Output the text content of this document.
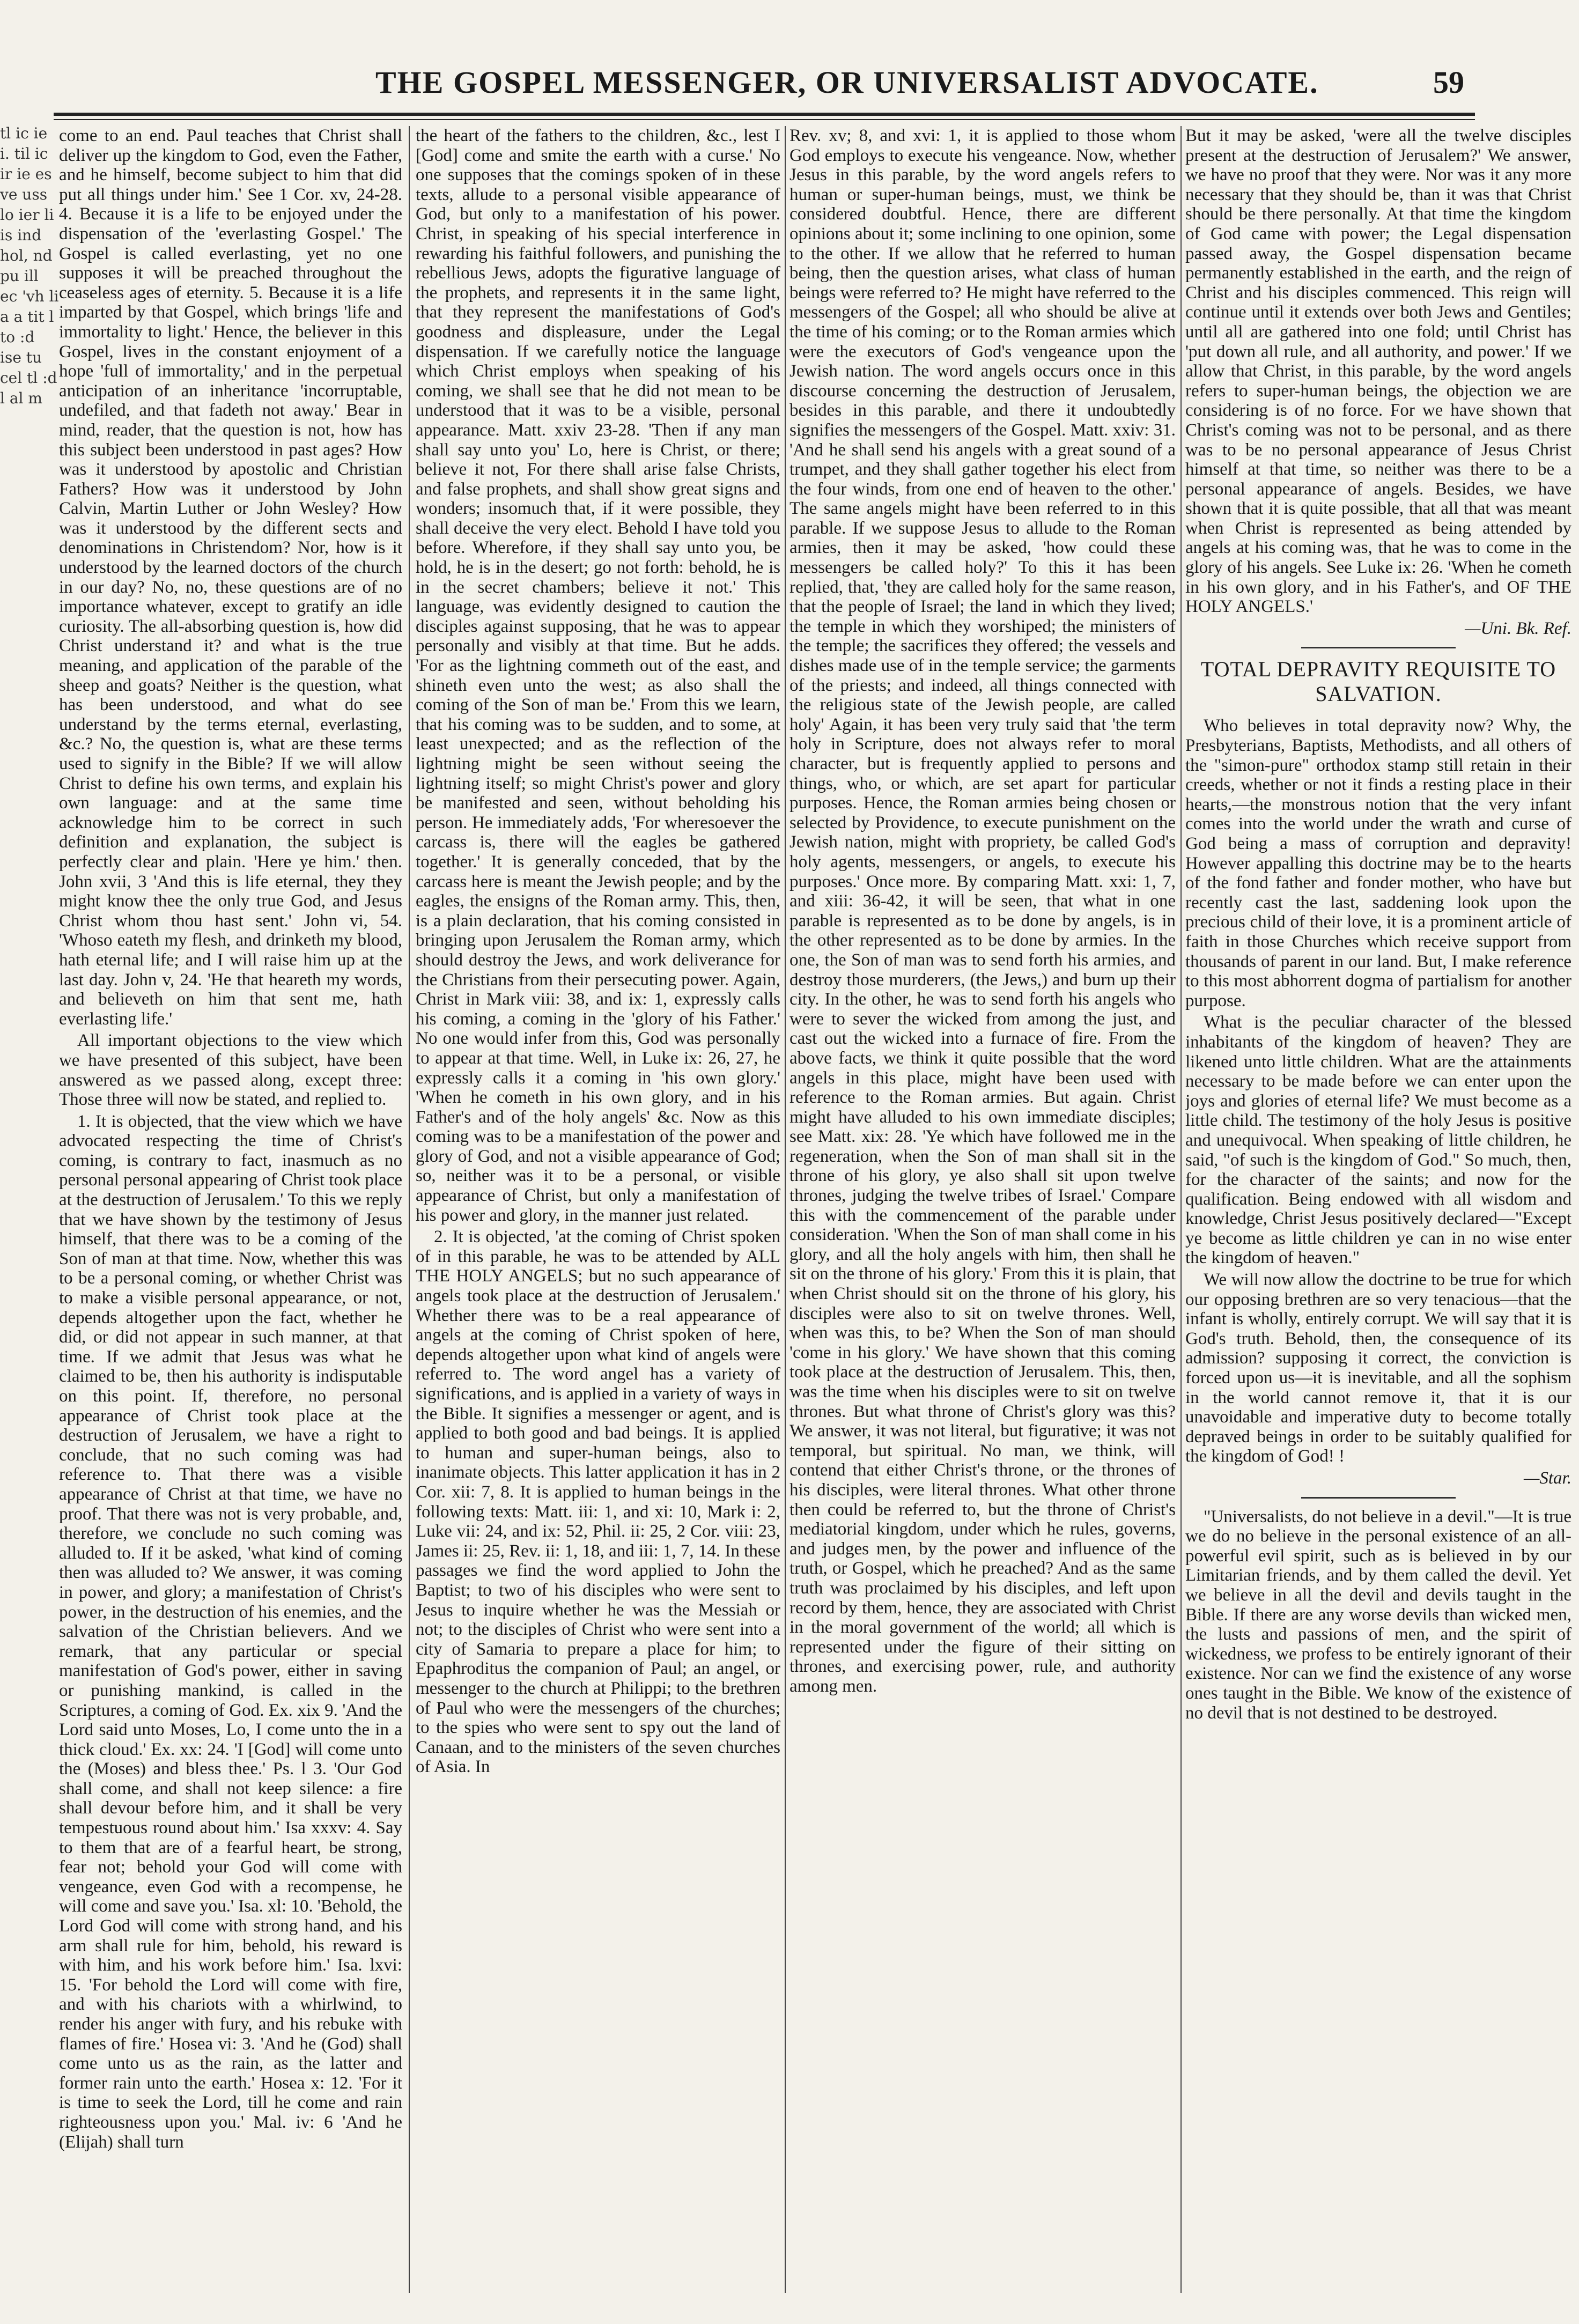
THE GOSPEL MESSENGER, OR UNIVERSALIST ADVOCATE.	59
tl ic ie i. til ic ir ie es ve uss lo ier li is ind hol, nd pu ill ec 'vh li a a tit l to :d ise tu cel tl :d l al m

come to an end. Paul teaches that Christ shall deliver up the kingdom to God, even the Father, and he himself, become subject to him that did put all things under him.' See 1 Cor. xv, 24-28. 4. Because it is a life to be enjoyed under the dispensation of the 'everlasting Gospel.' The Gospel is called everlasting, yet no one supposes it will be preached throughout the ceaseless ages of eternity. 5. Because it is a life imparted by that Gospel, which brings 'life and immortality to light.' Hence, the believer in this Gospel, lives in the constant enjoyment of a hope 'full of immortality,' and in the perpetual anticipation of an inheritance 'incorruptable, undefiled, and that fadeth not away.' Bear in mind, reader, that the question is not, how has this subject been understood in past ages? How was it understood by apostolic and Christian Fathers? How was it understood by John Calvin, Martin Luther or John Wesley? How was it understood by the different sects and denominations in Christendom? Nor, how is it understood by the learned doctors of the church in our day? No, no, these questions are of no importance whatever, except to gratify an idle curiosity. The all-absorbing question is, how did Christ understand it? and what is the true meaning, and application of the parable of the sheep and goats? Neither is the question, what has been understood, and what do see understand by the terms eternal, everlasting, &c.? No, the question is, what are these terms used to signify in the Bible? If we will allow Christ to define his own terms, and explain his own language: and at the same time acknowledge him to be correct in such definition and explanation, the subject is perfectly clear and plain. 'Here ye him.' then. John xvii, 3 'And this is life eternal, they they might know thee the only true God, and Jesus Christ whom thou hast sent.' John vi, 54. 'Whoso eateth my flesh, and drinketh my blood, hath eternal life; and I will raise him up at the last day. John v, 24. 'He that heareth my words, and believeth on him that sent me, hath everlasting life.'

All important objections to the view which we have presented of this subject, have been answered as we passed along, except three: Those three will now be stated, and replied to.

1. It is objected, that the view which we have advocated respecting the time of Christ's coming, is contrary to fact, inasmuch as no personal personal appearing of Christ took place at the destruction of Jerusalem.' To this we reply that we have shown by the testimony of Jesus himself, that there was to be a coming of the Son of man at that time. Now, whether this was to be a personal coming, or whether Christ was to make a visible personal appearance, or not, depends altogether upon the fact, whether he did, or did not appear in such manner, at that time. If we admit that Jesus was what he claimed to be, then his authority is indisputable on this point. If, therefore, no personal appearance of Christ took place at the destruction of Jerusalem, we have a right to conclude, that no such coming was had reference to. That there was a visible appearance of Christ at that time, we have no proof. That there was not is very probable, and, therefore, we conclude no such coming was alluded to. If it be asked, 'what kind of coming then was alluded to? We answer, it was coming in power, and glory; a manifestation of Christ's power, in the destruction of his enemies, and the salvation of the Christian believers. And we remark, that any particular or special manifestation of God's power, either in saving or punishing mankind, is called in the Scriptures, a coming of God. Ex. xix 9. 'And the Lord said unto Moses, Lo, I come unto the in a thick cloud.' Ex. xx: 24. 'I [God] will come unto the (Moses) and bless thee.' Ps. l 3. 'Our God shall come, and shall not keep silence: a fire shall devour before him, and it shall be very tempestuous round about him.' Isa xxxv: 4. Say to them that are of a fearful heart, be strong, fear not; behold your God will come with vengeance, even God with a recompense, he will come and save you.' Isa. xl: 10. 'Behold, the Lord God will come with strong hand, and his arm shall rule for him, behold, his reward is with him, and his work before him.' Isa. lxvi: 15. 'For behold the Lord will come with fire, and with his chariots with a whirlwind, to render his anger with fury, and his rebuke with flames of fire.' Hosea vi: 3. 'And he (God) shall come unto us as the rain, as the latter and former rain unto the earth.' Hosea x: 12. 'For it is time to seek the Lord, till he come and rain righteousness upon you.' Mal. iv: 6 'And he (Elijah) shall turn

the heart of the fathers to the children, &c., lest I [God] come and smite the earth with a curse.' No one supposes that the comings spoken of in these texts, allude to a personal visible appearance of God, but only to a manifestation of his power. Christ, in speaking of his special interference in rewarding his faithful followers, and punishing the rebellious Jews, adopts the figurative language of the prophets, and represents it in the same light, that they represent the manifestations of God's goodness and displeasure, under the Legal dispensation. If we carefully notice the language which Christ employs when speaking of his coming, we shall see that he did not mean to be understood that it was to be a visible, personal appearance. Matt. xxiv 23-28. 'Then if any man shall say unto you' Lo, here is Christ, or there; believe it not, For there shall arise false Christs, and false prophets, and shall show great signs and wonders; insomuch that, if it were possible, they shall deceive the very elect. Behold I have told you before. Wherefore, if they shall say unto you, be hold, he is in the desert; go not forth: behold, he is in the secret chambers; believe it not.' This language, was evidently designed to caution the disciples against supposing, that he was to appear personally and visibly at that time. But he adds. 'For as the lightning commeth out of the east, and shineth even unto the west; as also shall the coming of the Son of man be.' From this we learn, that his coming was to be sudden, and to some, at least unexpected; and as the reflection of the lightning might be seen without seeing the lightning itself; so might Christ's power and glory be manifested and seen, without beholding his person. He immediately adds, 'For wheresoever the carcass is, there will the eagles be gathered together.' It is generally conceded, that by the carcass here is meant the Jewish people; and by the eagles, the ensigns of the Roman army. This, then, is a plain declaration, that his coming consisted in bringing upon Jerusalem the Roman army, which should destroy the Jews, and work deliverance for the Christians from their persecuting power. Again, Christ in Mark viii: 38, and ix: 1, expressly calls his coming, a coming in the 'glory of his Father.' No one would infer from this, God was personally to appear at that time. Well, in Luke ix: 26, 27, he expressly calls it a coming in 'his own glory.' 'When he cometh in his own glory, and in his Father's and of the holy angels' &c. Now as this coming was to be a manifestation of the power and glory of God, and not a visible appearance of God; so, neither was it to be a personal, or visible appearance of Christ, but only a manifestation of his power and glory, in the manner just related.

2. It is objected, 'at the coming of Christ spoken of in this parable, he was to be attended by ALL THE HOLY ANGELS; but no such appearance of angels took place at the destruction of Jerusalem.' Whether there was to be a real appearance of angels at the coming of Christ spoken of here, depends altogether upon what kind of angels were referred to. The word angel has a variety of significations, and is applied in a variety of ways in the Bible. It signifies a messenger or agent, and is applied to both good and bad beings. It is applied to human and super-human beings, also to inanimate objects. This latter application it has in 2 Cor. xii: 7, 8. It is applied to human beings in the following texts: Matt. iii: 1, and xi: 10, Mark i: 2, Luke vii: 24, and ix: 52, Phil. ii: 25, 2 Cor. viii: 23, James ii: 25, Rev. ii: 1, 18, and iii: 1, 7, 14. In these passages we find the word applied to John the Baptist; to two of his disciples who were sent to Jesus to inquire whether he was the Messiah or not; to the disciples of Christ who were sent into a city of Samaria to prepare a place for him; to Epaphroditus the companion of Paul; an angel, or messenger to the church at Philippi; to the brethren of Paul who were the messengers of the churches; to the spies who were sent to spy out the land of Canaan, and to the ministers of the seven churches of Asia. In

Rev. xv; 8, and xvi: 1, it is applied to those whom God employs to execute his vengeance. Now, whether Jesus in this parable, by the word angels refers to human or super-human beings, must, we think be considered doubtful. Hence, there are different opinions about it; some inclining to one opinion, some to the other. If we allow that he referred to human being, then the question arises, what class of human beings were referred to? He might have referred to the messengers of the Gospel; all who should be alive at the time of his coming; or to the Roman armies which were the executors of God's vengeance upon the Jewish nation. The word angels occurs once in this discourse concerning the destruction of Jerusalem, besides in this parable, and there it undoubtedly signifies the messengers of the Gospel. Matt. xxiv: 31. 'And he shall send his angels with a great sound of a trumpet, and they shall gather together his elect from the four winds, from one end of heaven to the other.' The same angels might have been referred to in this parable. If we suppose Jesus to allude to the Roman armies, then it may be asked, 'how could these messengers be called holy?' To this it has been replied, that, 'they are called holy for the same reason, that the people of Israel; the land in which they lived; the temple in which they worshiped; the ministers of the temple; the sacrifices they offered; the vessels and dishes made use of in the temple service; the garments of the priests; and indeed, all things connected with the religious state of the Jewish people, are called holy' Again, it has been very truly said that 'the term holy in Scripture, does not always refer to moral character, but is frequently applied to persons and things, who, or which, are set apart for particular purposes. Hence, the Roman armies being chosen or selected by Providence, to execute punishment on the Jewish nation, might with propriety, be called God's holy agents, messengers, or angels, to execute his purposes.' Once more. By comparing Matt. xxi: 1, 7, and xiii: 36-42, it will be seen, that what in one parable is represented as to be done by angels, is in the other represented as to be done by armies. In the one, the Son of man was to send forth his armies, and destroy those murderers, (the Jews,) and burn up their city. In the other, he was to send forth his angels who were to sever the wicked from among the just, and cast out the wicked into a furnace of fire. From the above facts, we think it quite possible that the word angels in this place, might have been used with reference to the Roman armies. But again. Christ might have alluded to his own immediate disciples; see Matt. xix: 28. 'Ye which have followed me in the regeneration, when the Son of man shall sit in the throne of his glory, ye also shall sit upon twelve thrones, judging the twelve tribes of Israel.' Compare this with the commencement of the parable under consideration. 'When the Son of man shall come in his glory, and all the holy angels with him, then shall he sit on the throne of his glory.' From this it is plain, that when Christ should sit on the throne of his glory, his disciples were also to sit on twelve thrones. Well, when was this, to be? When the Son of man should 'come in his glory.' We have shown that this coming took place at the destruction of Jerusalem. This, then, was the time when his disciples were to sit on twelve thrones. But what throne of Christ's glory was this? We answer, it was not literal, but figurative; it was not temporal, but spiritual. No man, we think, will contend that either Christ's throne, or the thrones of his disciples, were literal thrones. What other throne then could be referred to, but the throne of Christ's mediatorial kingdom, under which he rules, governs, and judges men, by the power and influence of the truth, or Gospel, which he preached? And as the same truth was proclaimed by his disciples, and left upon record by them, hence, they are associated with Christ in the moral government of the world; all which is represented under the figure of their sitting on thrones, and exercising power, rule, and authority among men.

But it may be asked, 'were all the twelve disciples present at the destruction of Jerusalem?' We answer, we have no proof that they were. Nor was it any more necessary that they should be, than it was that Christ should be there personally. At that time the kingdom of God came with power; the Legal dispensation passed away, the Gospel dispensation became permanently established in the earth, and the reign of Christ and his disciples commenced. This reign will continue until it extends over both Jews and Gentiles; until all are gathered into one fold; until Christ has 'put down all rule, and all authority, and power.' If we allow that Christ, in this parable, by the word angels refers to super-human beings, the objection we are considering is of no force. For we have shown that Christ's coming was not to be personal, and as there was to be no personal appearance of Jesus Christ himself at that time, so neither was there to be a personal appearance of angels. Besides, we have shown that it is quite possible, that all that was meant when Christ is represented as being attended by angels at his coming was, that he was to come in the glory of his angels. See Luke ix: 26. 'When he cometh in his own glory, and in his Father's, and OF THE HOLY ANGELS.'

—Uni. Bk. Ref.

TOTAL DEPRAVITY REQUISITE TO SALVATION.

Who believes in total depravity now? Why, the Presbyterians, Baptists, Methodists, and all others of the "simon-pure" orthodox stamp still retain in their creeds, whether or not it finds a resting place in their hearts,—the monstrous notion that the very infant comes into the world under the wrath and curse of God being a mass of corruption and depravity! However appalling this doctrine may be to the hearts of the fond father and fonder mother, who have but recently cast the last, saddening look upon the precious child of their love, it is a prominent article of faith in those Churches which receive support from thousands of parent in our land. But, I make reference to this most abhorrent dogma of partialism for another purpose.

What is the peculiar character of the blessed inhabitants of the kingdom of heaven? They are likened unto little children. What are the attainments necessary to be made before we can enter upon the joys and glories of eternal life? We must become as a little child. The testimony of the holy Jesus is positive and unequivocal. When speaking of little children, he said, "of such is the kingdom of God." So much, then, for the character of the saints; and now for the qualification. Being endowed with all wisdom and knowledge, Christ Jesus positively declared—"Except ye become as little children ye can in no wise enter the kingdom of heaven."

We will now allow the doctrine to be true for which our opposing brethren are so very tenacious—that the infant is wholly, entirely corrupt. We will say that it is God's truth. Behold, then, the consequence of its admission? supposing it correct, the conviction is forced upon us—it is inevitable, and all the sophism in the world cannot remove it, that it is our unavoidable and imperative duty to become totally depraved beings in order to be suitably qualified for the kingdom of God! !

—Star.

"Universalists, do not believe in a devil."—It is true we do no believe in the personal existence of an all-powerful evil spirit, such as is believed in by our Limitarian friends, and by them called the devil. Yet we believe in all the devil and devils taught in the Bible. If there are any worse devils than wicked men, the lusts and passions of men, and the spirit of wickedness, we profess to be entirely ignorant of their existence. Nor can we find the existence of any worse ones taught in the Bible. We know of the existence of no devil that is not destined to be destroyed.
